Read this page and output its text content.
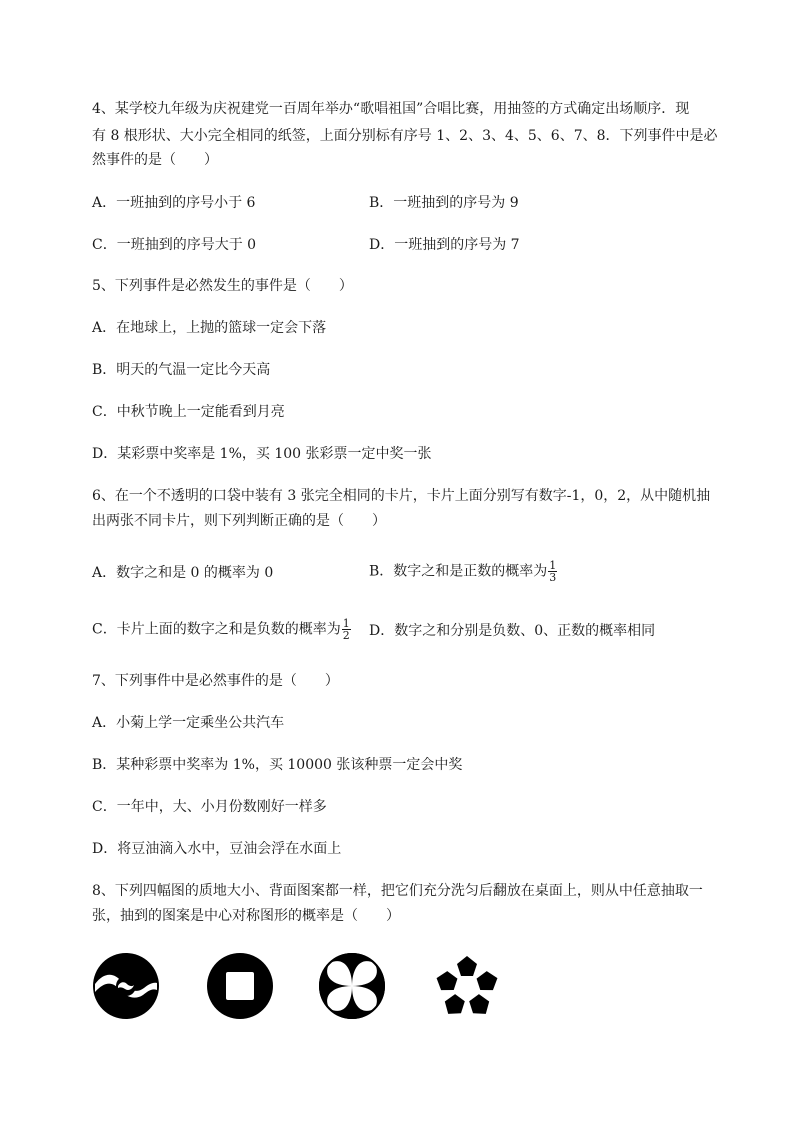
4、某学校九年级为庆祝建党一百周年举办“歌唱祖国”合唱比赛，用抽签的方式确定出场顺序．现
有 8 根形状、大小完全相同的纸签，上面分别标有序号 1、2、3、4、5、6、7、8．下列事件中是必
然事件的是（　　）
A．一班抽到的序号小于 6	B．一班抽到的序号为 9
C．一班抽到的序号大于 0	D．一班抽到的序号为 7
5、下列事件是必然发生的事件是（　　）
A．在地球上，上抛的篮球一定会下落
B．明天的气温一定比今天高
C．中秋节晚上一定能看到月亮
D．某彩票中奖率是 1%，买 100 张彩票一定中奖一张
6、在一个不透明的口袋中装有 3 张完全相同的卡片，卡片上面分别写有数字-1，0，2，从中随机抽
出两张不同卡片，则下列判断正确的是（　　）
A．数字之和是 0 的概率为 0	B．数字之和是正数的概率为 $\frac{1}{3}$
C．卡片上面的数字之和是负数的概率为 $\frac{1}{2}$ D．数字之和分别是负数、0、正数的概率相同
7、下列事件中是必然事件的是（　　）
A．小菊上学一定乘坐公共汽车
B．某种彩票中奖率为 1%，买 10000 张该种票一定会中奖
C．一年中，大、小月份数刚好一样多
D．将豆油滴入水中，豆油会浮在水面上
8、下列四幅图的质地大小、背面图案都一样，把它们充分洗匀后翻放在桌面上，则从中任意抽取一
张，抽到的图案是中心对称图形的概率是（　　）
